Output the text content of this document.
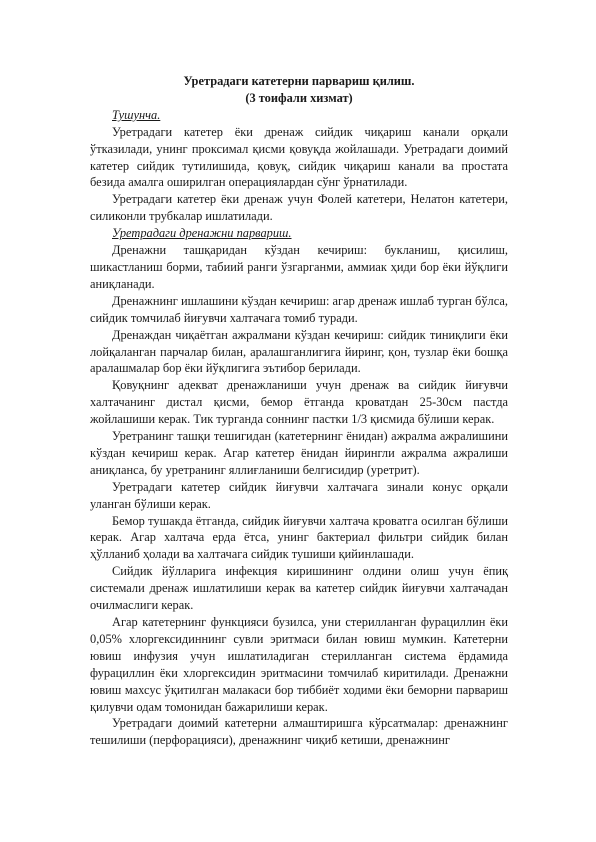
Уретрадаги катетерни парвариш қилиш.
(3 тоифали хизмат)

Тушунча.

Уретрадаги катетер ёки дренаж сийдик чиқариш канали орқали ўтказилади, унинг проксимал қисми қовуқда жойлашади. Уретрадаги доимий катетер сийдик тутилишида, қовуқ, сийдик чиқариш канали ва простата безида амалга оширилган операциялардан сўнг ўрнатилади.

Уретрадаги катетер ёки дренаж учун Фолей катетери, Нелатон катетери, силиконли трубкалар ишлатилади.

Уретрадаги дренажни парвариш.

Дренажни ташқаридан кўздан кечириш: букланиш, қисилиш, шикастланиш борми, табиий ранги ўзгарганми, аммиак ҳиди бор ёки йўқлиги аниқланади.

Дренажнинг ишлашини кўздан кечириш: агар дренаж ишлаб турган бўлса, сийдик томчилаб йиғувчи халтачага томиб туради.

Дренаждан чиқаётган ажралмани кўздан кечириш: сийдик тиниқлиги ёки лойқаланган парчалар билан, аралашганлигига йиринг, қон, тузлар ёки бошқа аралашмалар бор ёки йўқлигига эътибор берилади.

Қовуқнинг адекват дренажланиши учун дренаж ва сийдик йиғувчи халтачанинг дистал қисми, бемор ётганда кроватдан 25-30см пастда жойлашиши керак. Тик турганда соннинг пастки 1/3 қисмида бўлиши керак.

Уретранинг ташқи тешигидан (катетернинг ёнидан) ажралма ажралишини кўздан кечириш керак. Агар катетер ёнидан йирингли ажралма ажралиши аниқланса, бу уретранинг яллиғланиши белгисидир (уретрит).

Уретрадаги катетер сийдик йиғувчи халтачага зинали конус орқали уланган бўлиши керак.

Бемор тушакда ётганда, сийдик йиғувчи халтача кроватга осилган бўлиши керак. Агар халтача ерда ётса, унинг бактериал фильтри сийдик билан ҳўлланиб ҳолади ва халтачага сийдик тушиши қийинлашади.

Сийдик йўлларига инфекция киришининг олдини олиш учун ёпиқ системали дренаж ишлатилиши керак ва катетер сийдик йиғувчи халтачадан очилмаслиги керак.

Агар катетернинг функцияси бузилса, уни стерилланган фурациллин ёки 0,05% хлоргексидиннинг сувли эритмаси билан ювиш мумкин. Катетерни ювиш инфузия учун ишлатиладиган стерилланган система ёрдамида фурациллин ёки хлоргексидин эритмасини томчилаб киритилади. Дренажни ювиш махсус ўқитилган малакаси бор тиббиёт ходими ёки беморни парвариш қилувчи одам томонидан бажарилиши керак.

Уретрадаги доимий катетерни алмаштиришга кўрсатмалар: дренажнинг тешилиши (перфорацияси), дренажнинг чиқиб кетиши, дренажнинг
